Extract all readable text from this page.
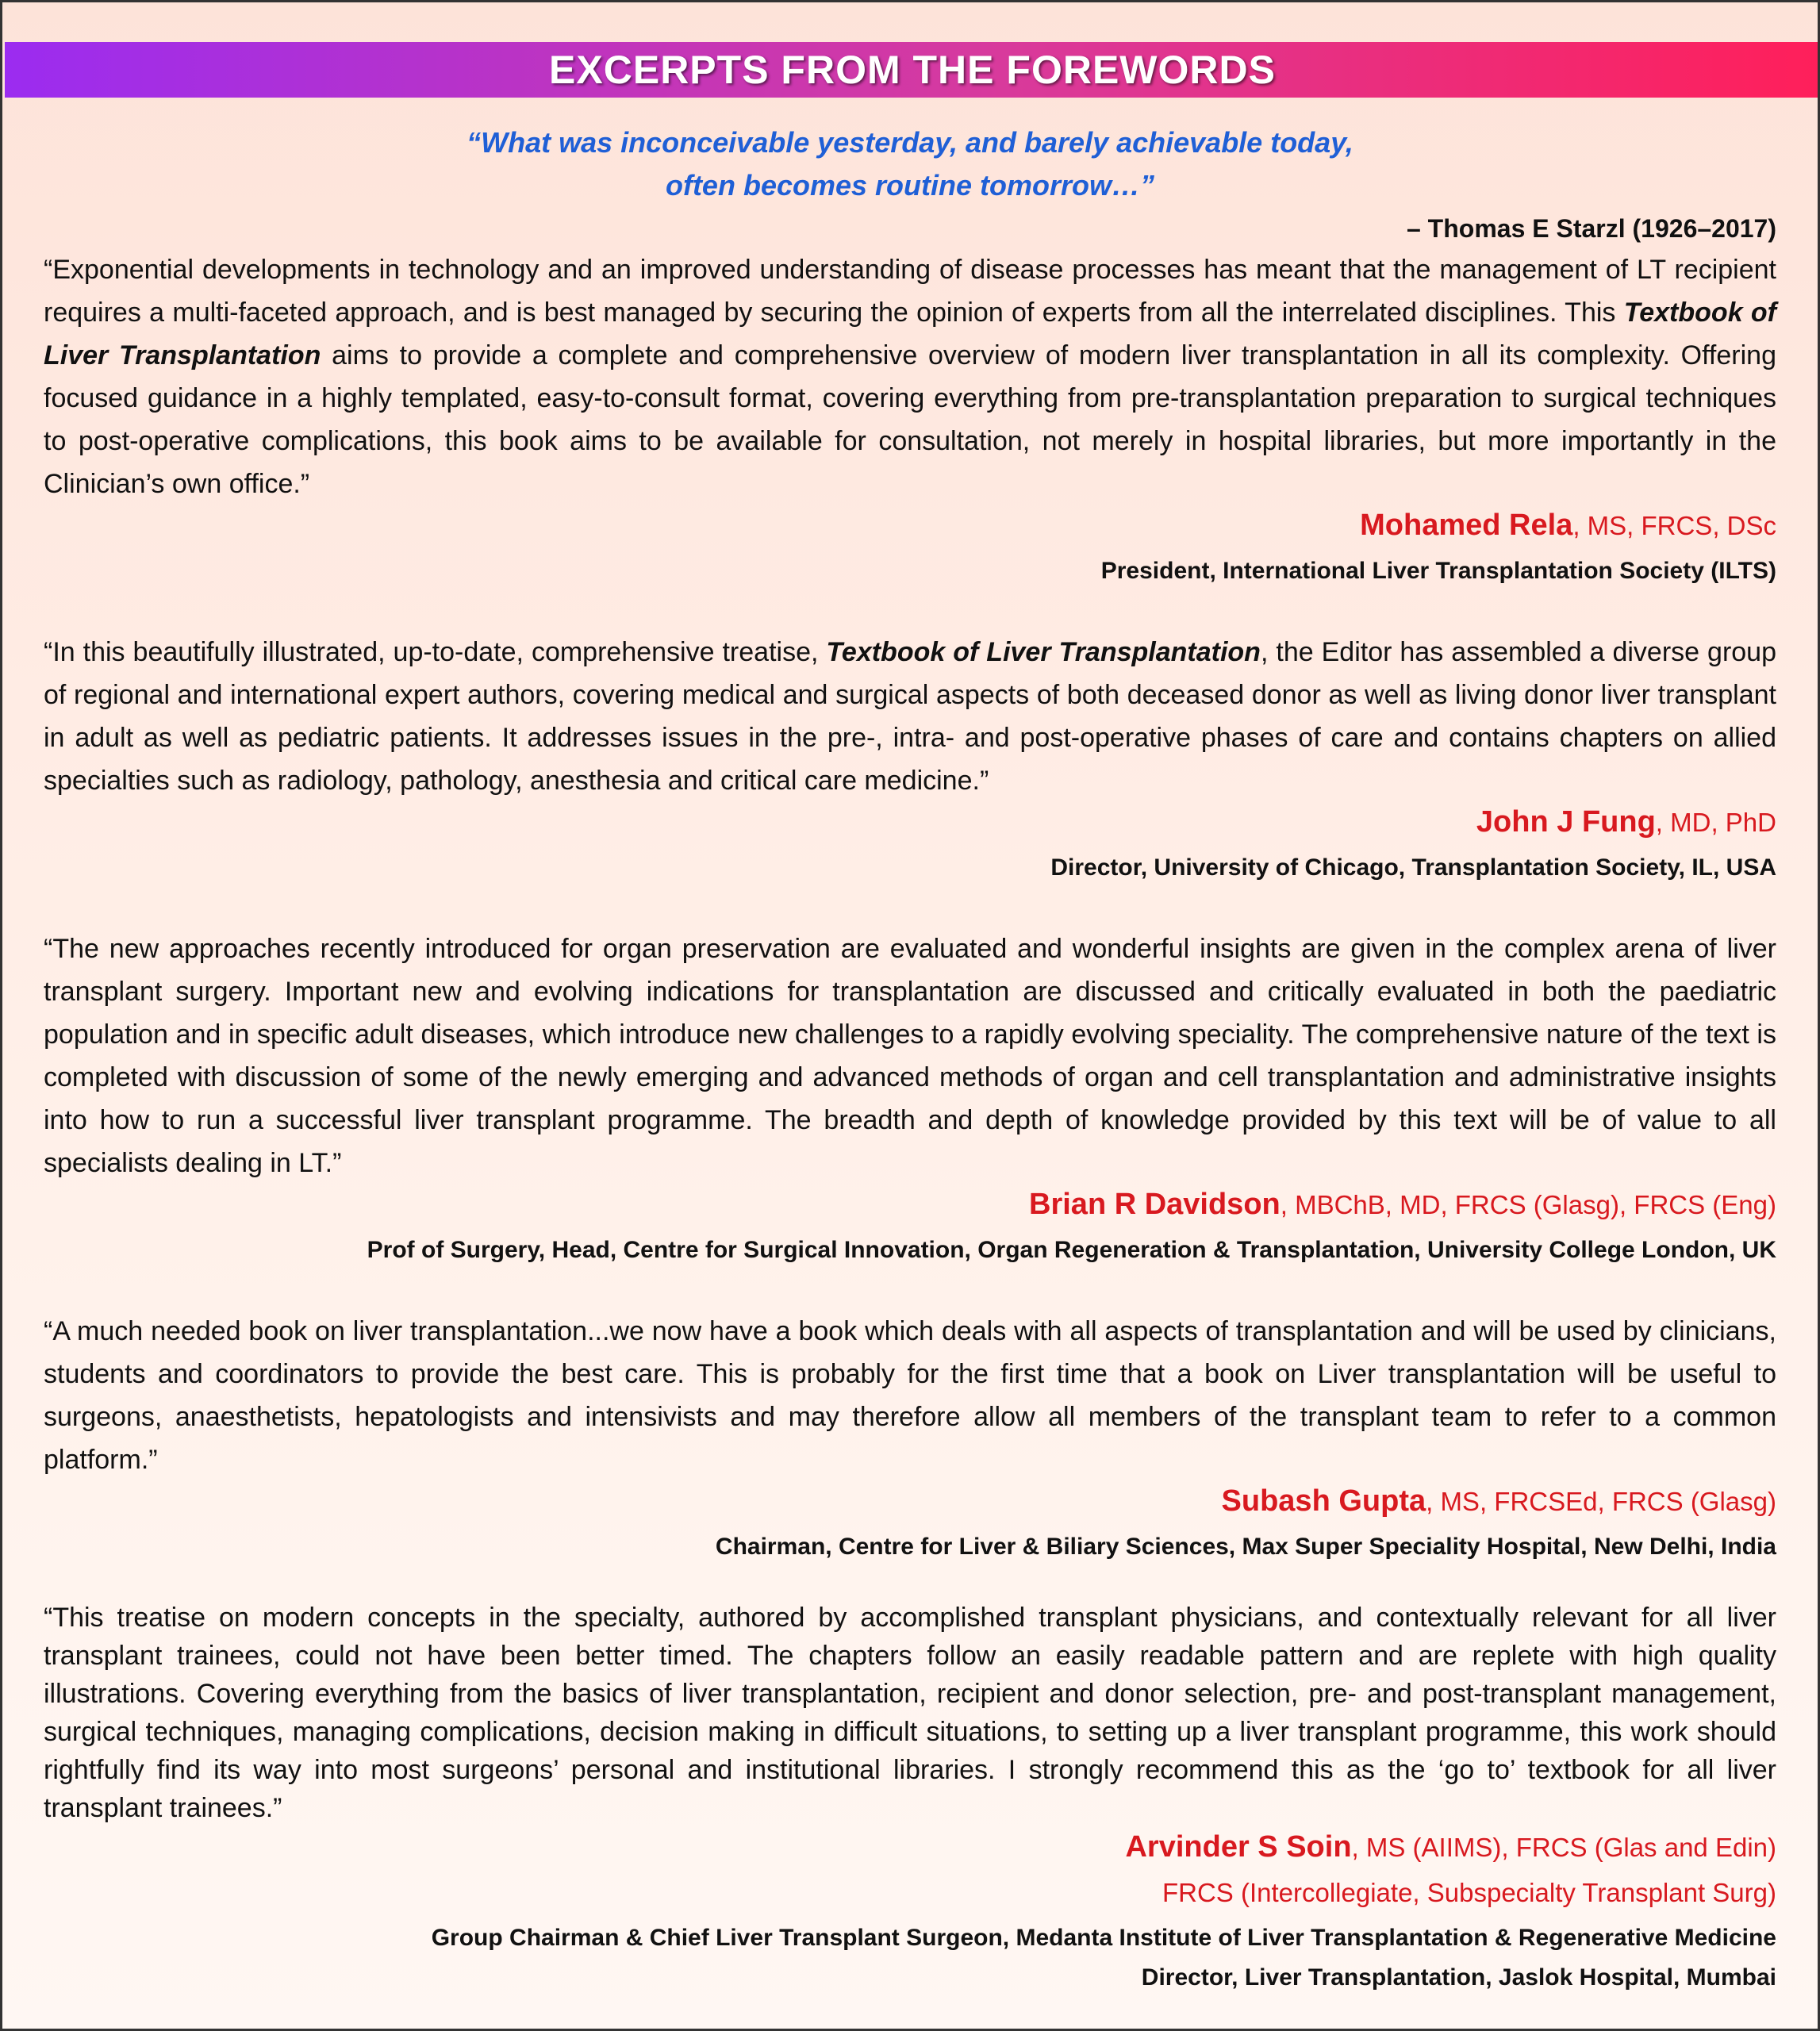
EXCERPTS FROM THE FOREWORDS
“What was inconceivable yesterday, and barely achievable today,
often becomes routine tomorrow…”
– Thomas E Starzl (1926–2017)

“Exponential developments in technology and an improved understanding of disease processes has meant that the management of LT recipient requires a multi-faceted approach, and is best managed by securing the opinion of experts from all the interrelated disciplines. This Textbook of Liver Transplantation aims to provide a complete and comprehensive overview of modern liver transplantation in all its complexity. Offering focused guidance in a highly templated, easy-to-consult format, covering everything from pre-transplantation preparation to surgical techniques to post-operative complications, this book aims to be available for consultation, not merely in hospital libraries, but more importantly in the Clinician’s own office.”

Mohamed Rela, MS, FRCS, DSc
President, International Liver Transplantation Society (ILTS)

“In this beautifully illustrated, up-to-date, comprehensive treatise, Textbook of Liver Transplantation, the Editor has assembled a diverse group of regional and international expert authors, covering medical and surgical aspects of both deceased donor as well as living donor liver transplant in adult as well as pediatric patients. It addresses issues in the pre-, intra- and post-operative phases of care and contains chapters on allied specialties such as radiology, pathology, anesthesia and critical care medicine.”

John J Fung, MD, PhD
Director, University of Chicago, Transplantation Society, IL, USA

“The new approaches recently introduced for organ preservation are evaluated and wonderful insights are given in the complex arena of liver transplant surgery. Important new and evolving indications for transplantation are discussed and critically evaluated in both the paediatric population and in specific adult diseases, which introduce new challenges to a rapidly evolving speciality. The comprehensive nature of the text is completed with discussion of some of the newly emerging and advanced methods of organ and cell transplantation and administrative insights into how to run a successful liver transplant programme. The breadth and depth of knowledge provided by this text will be of value to all specialists dealing in LT.”

Brian R Davidson, MBChB, MD, FRCS (Glasg), FRCS (Eng)
Prof of Surgery, Head, Centre for Surgical Innovation, Organ Regeneration & Transplantation, University College London, UK

“A much needed book on liver transplantation...we now have a book which deals with all aspects of transplantation and will be used by clinicians, students and coordinators to provide the best care. This is probably for the first time that a book on Liver transplantation will be useful to surgeons, anaesthetists, hepatologists and intensivists and may therefore allow all members of the transplant team to refer to a common platform.”

Subash Gupta, MS, FRCSEd, FRCS (Glasg)
Chairman, Centre for Liver & Biliary Sciences, Max Super Speciality Hospital, New Delhi, India

“This treatise on modern concepts in the specialty, authored by accomplished transplant physicians, and contextually relevant for all liver transplant trainees, could not have been better timed. The chapters follow an easily readable pattern and are replete with high quality illustrations. Covering everything from the basics of liver transplantation, recipient and donor selection, pre- and post-transplant management, surgical techniques, managing complications, decision making in difficult situations, to setting up a liver transplant programme, this work should rightfully find its way into most surgeons’ personal and institutional libraries. I strongly recommend this as the ‘go to’ textbook for all liver transplant trainees.”

Arvinder S Soin, MS (AIIMS), FRCS (Glas and Edin)
FRCS (Intercollegiate, Subspecialty Transplant Surg)
Group Chairman & Chief Liver Transplant Surgeon, Medanta Institute of Liver Transplantation & Regenerative Medicine
Director, Liver Transplantation, Jaslok Hospital, Mumbai
